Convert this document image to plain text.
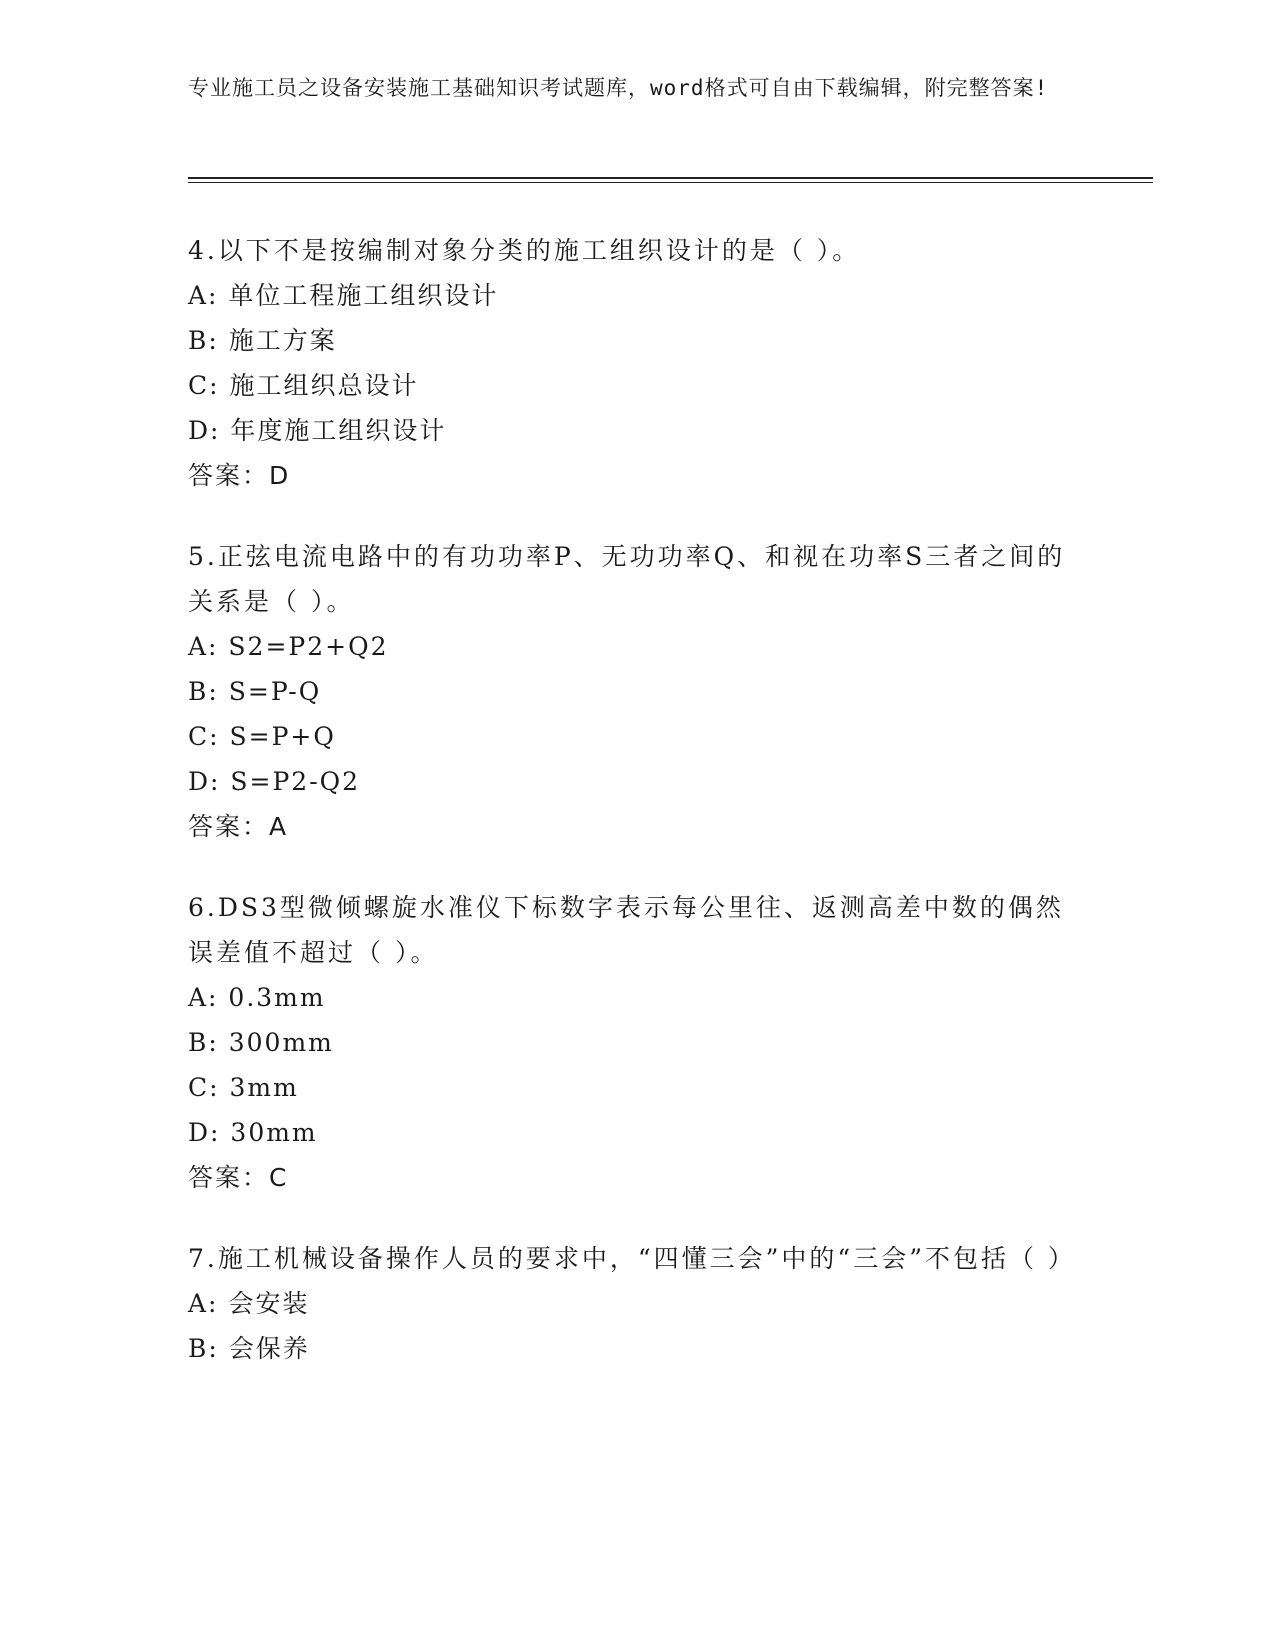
专业施工员之设备安装施工基础知识考试题库，word格式可自由下载编辑，附完整答案!
4.以下不是按编制对象分类的施工组织设计的是（ ）。
A: 单位工程施工组织设计
B: 施工方案
C: 施工组织总设计
D: 年度施工组织设计
答案：D
5.正弦电流电路中的有功功率P、无功功率Q、和视在功率S三者之间的关系是（ ）。
A: S2=P2+Q2
B: S=P-Q
C: S=P+Q
D: S=P2-Q2
答案：A
6.DS3型微倾螺旋水准仪下标数字表示每公里往、返测高差中数的偶然误差值不超过（ ）。
A: 0.3mm
B: 300mm
C: 3mm
D: 30mm
答案：C
7.施工机械设备操作人员的要求中，“四懂三会”中的“三会”不包括（ ）
A: 会安装
B: 会保养
